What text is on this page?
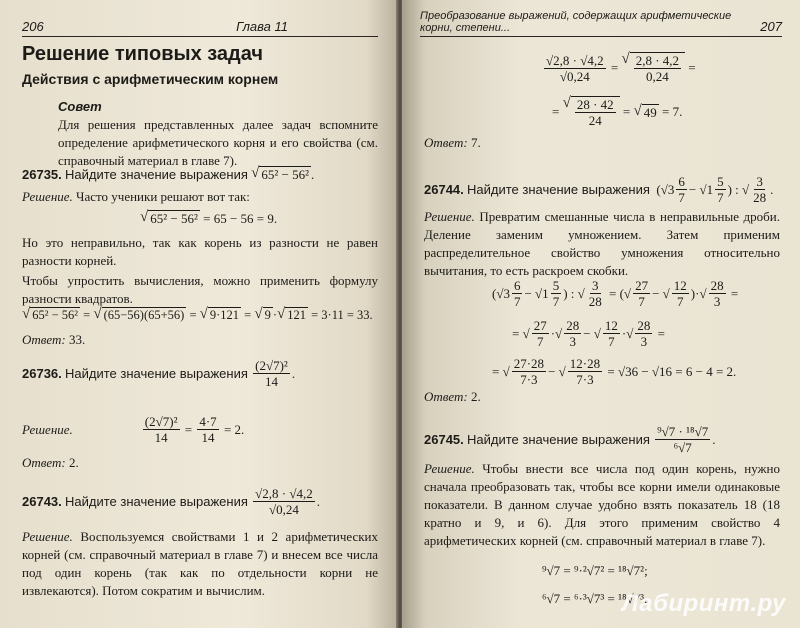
206	Глава 11
Решение типовых задач
Действия с арифметическим корнем
Совет

Для решения представленных далее задач вспомните определение арифметического корня и его свойства (см. справочный материал в главе 7).

26735.
Найдите значение выражения
√ 65² − 56² .

Решение. Часто ученики решают вот так:

√ 65² − 56²
= 65 − 56 = 9.

Но это неправильно, так как корень из разности не равен разности корней.

Чтобы упростить вычисления, можно применить формулу разности квадратов.

√ 65² − 56² = √ (65−56)(65+56) = √ 9·121 = √ 9 · √ 121
= 3·11 = 33.

Ответ: 33.

26736.
Найдите значение выражения
$\frac{\text{(2√7)²}}{14}$ .
Решение.	$\frac{\text{(2√7)²}}{14} = \frac{4\cdot 7}{14} = 2$.

Ответ: 2.

26743.
Найдите значение выражения
$\frac{√2,8 \cdot √4,2}{√0,24}$ .

Решение. Воспользуемся свойствами 1 и 2 арифметических корней (см. справочный материал в главе 7) и внесем все числа под один корень (так как по отдельности корни не извлекаются). Потом сократим и вычислим.

Преобразование выражений, содержащих арифметические корни, степени...	207
$\frac{√2,8 \cdot √4,2}{√0,24}$ =
√ $\frac{2,8 \cdot 4,2}{0,24}$ =
=
√ $\frac{28 \cdot 42}{24}$ = √ 49 = 7.

Ответ: 7.

26744.
Найдите значение выражения ($√3 \frac{6}{7} - √1 \frac{5}{7}$ ) : √ $\frac{3}{28}$ .

Решение. Превратим смешанные числа в неправильные дроби. Деление заменим умножением. Затем применим распределительное свойство умножения относительно вычитания, то есть раскроем скобки.

($√3 \frac{6}{7} - √1 \frac{5}{7}$ ) : √ $\frac{3}{28}$ = (√ $\frac{27}{7}$ − √ $\frac{12}{7}$ )·√ $\frac{28}{3}$ =
= √ $\frac{27}{7}$ ·√ $\frac{28}{3}$ − √ $\frac{12}{7}$ ·√ $\frac{28}{3}$ =
= √ $\frac{27\cdot 28}{7\cdot 3}$ − √ $\frac{12\cdot 28}{7\cdot 3}$
= √36 − √16 = 6 − 4 = 2.

Ответ: 2.

26745.
Найдите значение выражения
$\frac{\text{⁹√7 · ¹⁸√7}}{\text{⁶√7}}$ .

Решение. Чтобы внести все числа под один корень, нужно сначала преобразовать так, чтобы все корни имели одинаковые показатели. В данном случае удобно взять показатель 18 (18 кратно и 9, и 6). Для этого применим свойство 4 арифметических корней (см. справочный материал в главе 7).

⁹√7 = ⁹·²√7² = ¹⁸√7²;

⁶√7 = ⁶·³√7³ = ¹⁸√7³.

Лабиринт.ру
